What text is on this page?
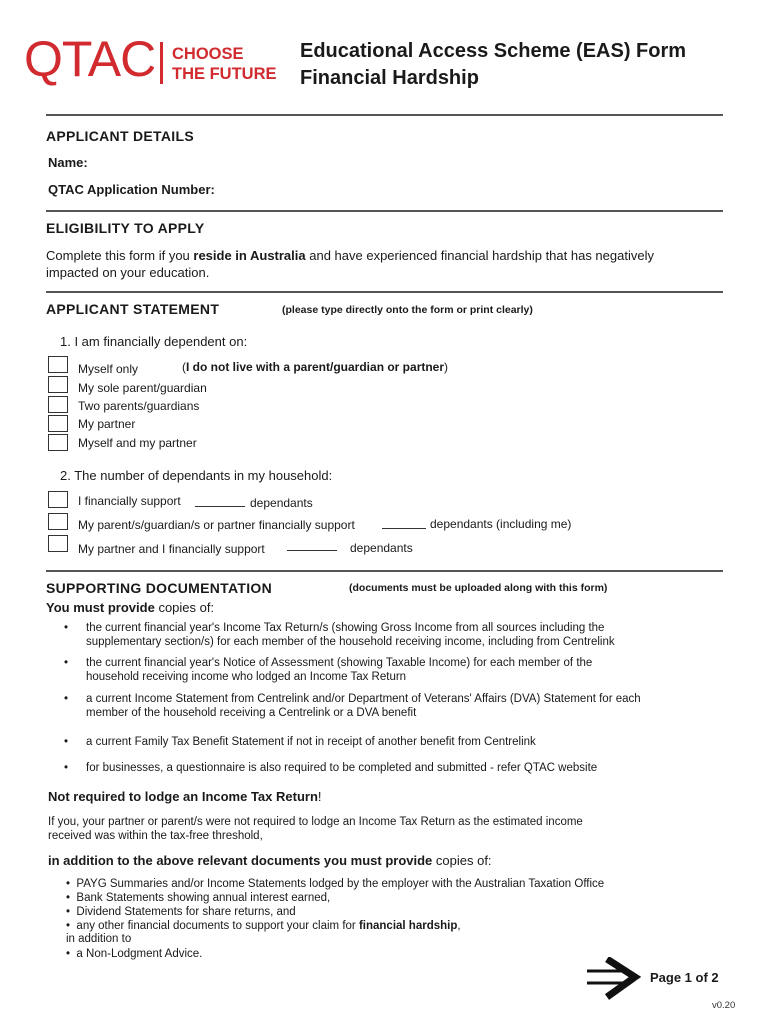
QTAC CHOOSE
THE FUTURE
Educational Access Scheme (EAS) Form
Financial Hardship
APPLICANT DETAILS
Name:
QTAC Application Number:
ELIGIBILITY TO APPLY
Complete this form if you reside in Australia and have experienced financial hardship that has negatively
impacted on your education.
APPLICANT STATEMENT	(please type directly onto the form or print clearly)
1. I am financially dependent on:
Myself only	(I do not live with a parent/guardian or partner)
My sole parent/guardian
Two parents/guardians
My partner
Myself and my partner
2. The number of dependants in my household:
I financially support	dependants
My parent/s/guardian/s or partner financially support	dependants (including me)
My partner and I financially support	dependants
SUPPORTING DOCUMENTATION	(documents must be uploaded along with this form)
You must provide copies of:
• the current financial year's Income Tax Return/s (showing Gross Income from all sources including the
supplementary section/s) for each member of the household receiving income, including from Centrelink
• the current financial year's Notice of Assessment (showing Taxable Income) for each member of the
household receiving income who lodged an Income Tax Return
• a current Income Statement from Centrelink and/or Department of Veterans' Affairs (DVA) Statement for each
member of the household receiving a Centrelink or a DVA benefit
• a current Family Tax Benefit Statement if not in receipt of another benefit from Centrelink
• for businesses, a questionnaire is also required to be completed and submitted - refer QTAC website
Not required to lodge an Income Tax Return!
If you, your partner or parent/s were not required to lodge an Income Tax Return as the estimated income
received was within the tax-free threshold,
in addition to the above relevant documents you must provide copies of:
• PAYG Summaries and/or Income Statements lodged by the employer with the Australian Taxation Office
• Bank Statements showing annual interest earned,
• Dividend Statements for share returns, and
• any other financial documents to support your claim for financial hardship,
in addition to
• a Non-Lodgment Advice.
Page 1 of 2
v0.20
